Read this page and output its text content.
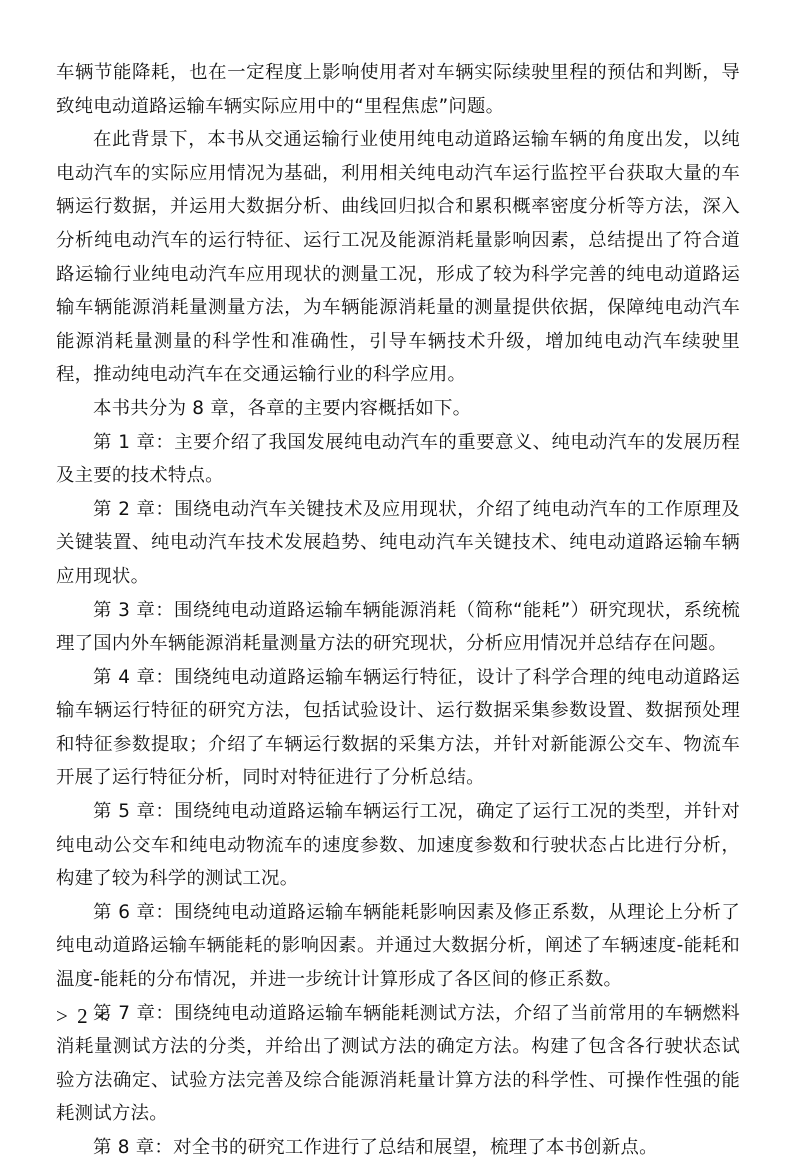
车辆节能降耗，也在一定程度上影响使用者对车辆实际续驶里程的预估和判断，导致纯电动道路运输车辆实际应用中的“里程焦虑”问题。

在此背景下，本书从交通运输行业使用纯电动道路运输车辆的角度出发，以纯电动汽车的实际应用情况为基础，利用相关纯电动汽车运行监控平台获取大量的车辆运行数据，并运用大数据分析、曲线回归拟合和累积概率密度分析等方法，深入分析纯电动汽车的运行特征、运行工况及能源消耗量影响因素，总结提出了符合道路运输行业纯电动汽车应用现状的测量工况，形成了较为科学完善的纯电动道路运输车辆能源消耗量测量方法，为车辆能源消耗量的测量提供依据，保障纯电动汽车能源消耗量测量的科学性和准确性，引导车辆技术升级，增加纯电动汽车续驶里程，推动纯电动汽车在交通运输行业的科学应用。

本书共分为 8 章，各章的主要内容概括如下。

第 1 章：主要介绍了我国发展纯电动汽车的重要意义、纯电动汽车的发展历程及主要的技术特点。

第 2 章：围绕电动汽车关键技术及应用现状，介绍了纯电动汽车的工作原理及关键装置、纯电动汽车技术发展趋势、纯电动汽车关键技术、纯电动道路运输车辆应用现状。

第 3 章：围绕纯电动道路运输车辆能源消耗（简称“能耗”）研究现状，系统梳理了国内外车辆能源消耗量测量方法的研究现状，分析应用情况并总结存在问题。

第 4 章：围绕纯电动道路运输车辆运行特征，设计了科学合理的纯电动道路运输车辆运行特征的研究方法，包括试验设计、运行数据采集参数设置、数据预处理和特征参数提取；介绍了车辆运行数据的采集方法，并针对新能源公交车、物流车开展了运行特征分析，同时对特征进行了分析总结。

第 5 章：围绕纯电动道路运输车辆运行工况，确定了运行工况的类型，并针对纯电动公交车和纯电动物流车的速度参数、加速度参数和行驶状态占比进行分析，构建了较为科学的测试工况。

第 6 章：围绕纯电动道路运输车辆能耗影响因素及修正系数，从理论上分析了纯电动道路运输车辆能耗的影响因素。并通过大数据分析，阐述了车辆速度-能耗和温度-能耗的分布情况，并进一步统计计算形成了各区间的修正系数。

第 7 章：围绕纯电动道路运输车辆能耗测试方法，介绍了当前常用的车辆燃料消耗量测试方法的分类，并给出了测试方法的确定方法。构建了包含各行驶状态试验方法确定、试验方法完善及综合能源消耗量计算方法的科学性、可操作性强的能耗测试方法。

第 8 章：对全书的研究工作进行了总结和展望，梳理了本书创新点。

> 2 <
